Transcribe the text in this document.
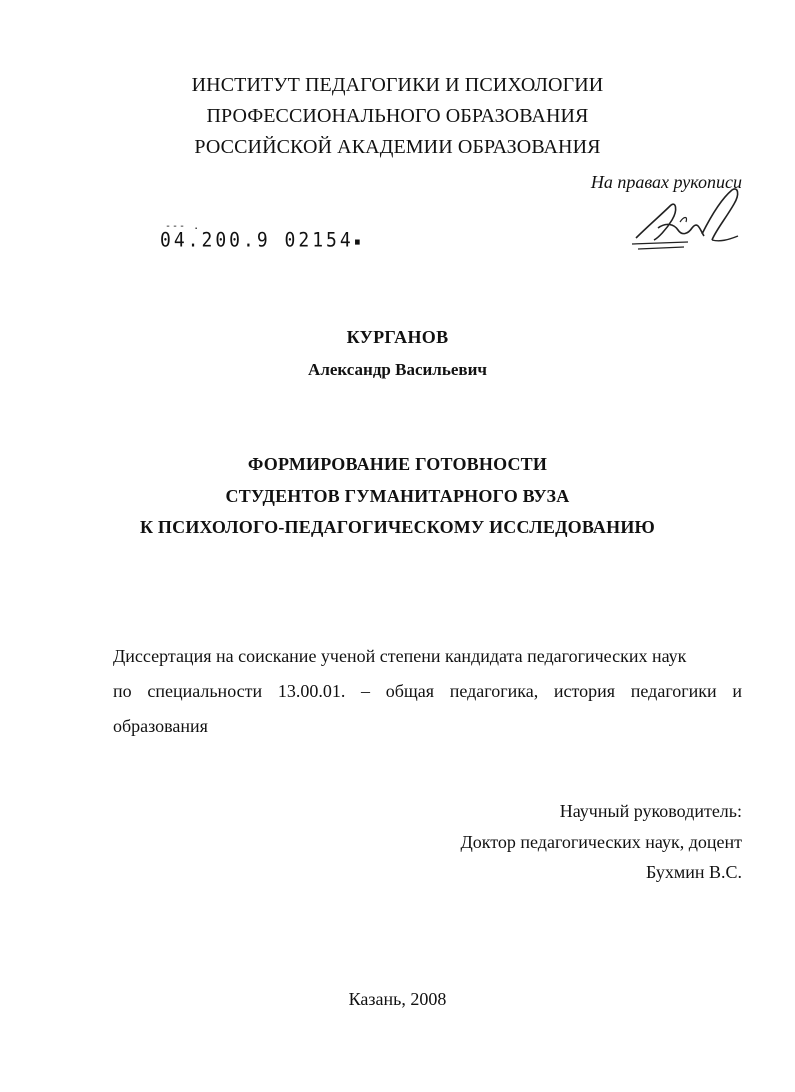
ИНСТИТУТ ПЕДАГОГИКИ И ПСИХОЛОГИИ
ПРОФЕССИОНАЛЬНОГО ОБРАЗОВАНИЯ
РОССИЙСКОЙ АКАДЕМИИ ОБРАЗОВАНИЯ
На правах рукописи
--- .
04.200.9 02154▪
КУРГАНОВ
Александр Васильевич
ФОРМИРОВАНИЕ ГОТОВНОСТИ
СТУДЕНТОВ ГУМАНИТАРНОГО ВУЗА
К ПСИХОЛОГО-ПЕДАГОГИЧЕСКОМУ ИССЛЕДОВАНИЮ
Диссертация на соискание ученой степени кандидата педагогических наук
по специальности 13.00.01. – общая педагогика, история педагогики и
образования
Научный руководитель:
Доктор педагогических наук, доцент
Бухмин В.С.
Казань, 2008
